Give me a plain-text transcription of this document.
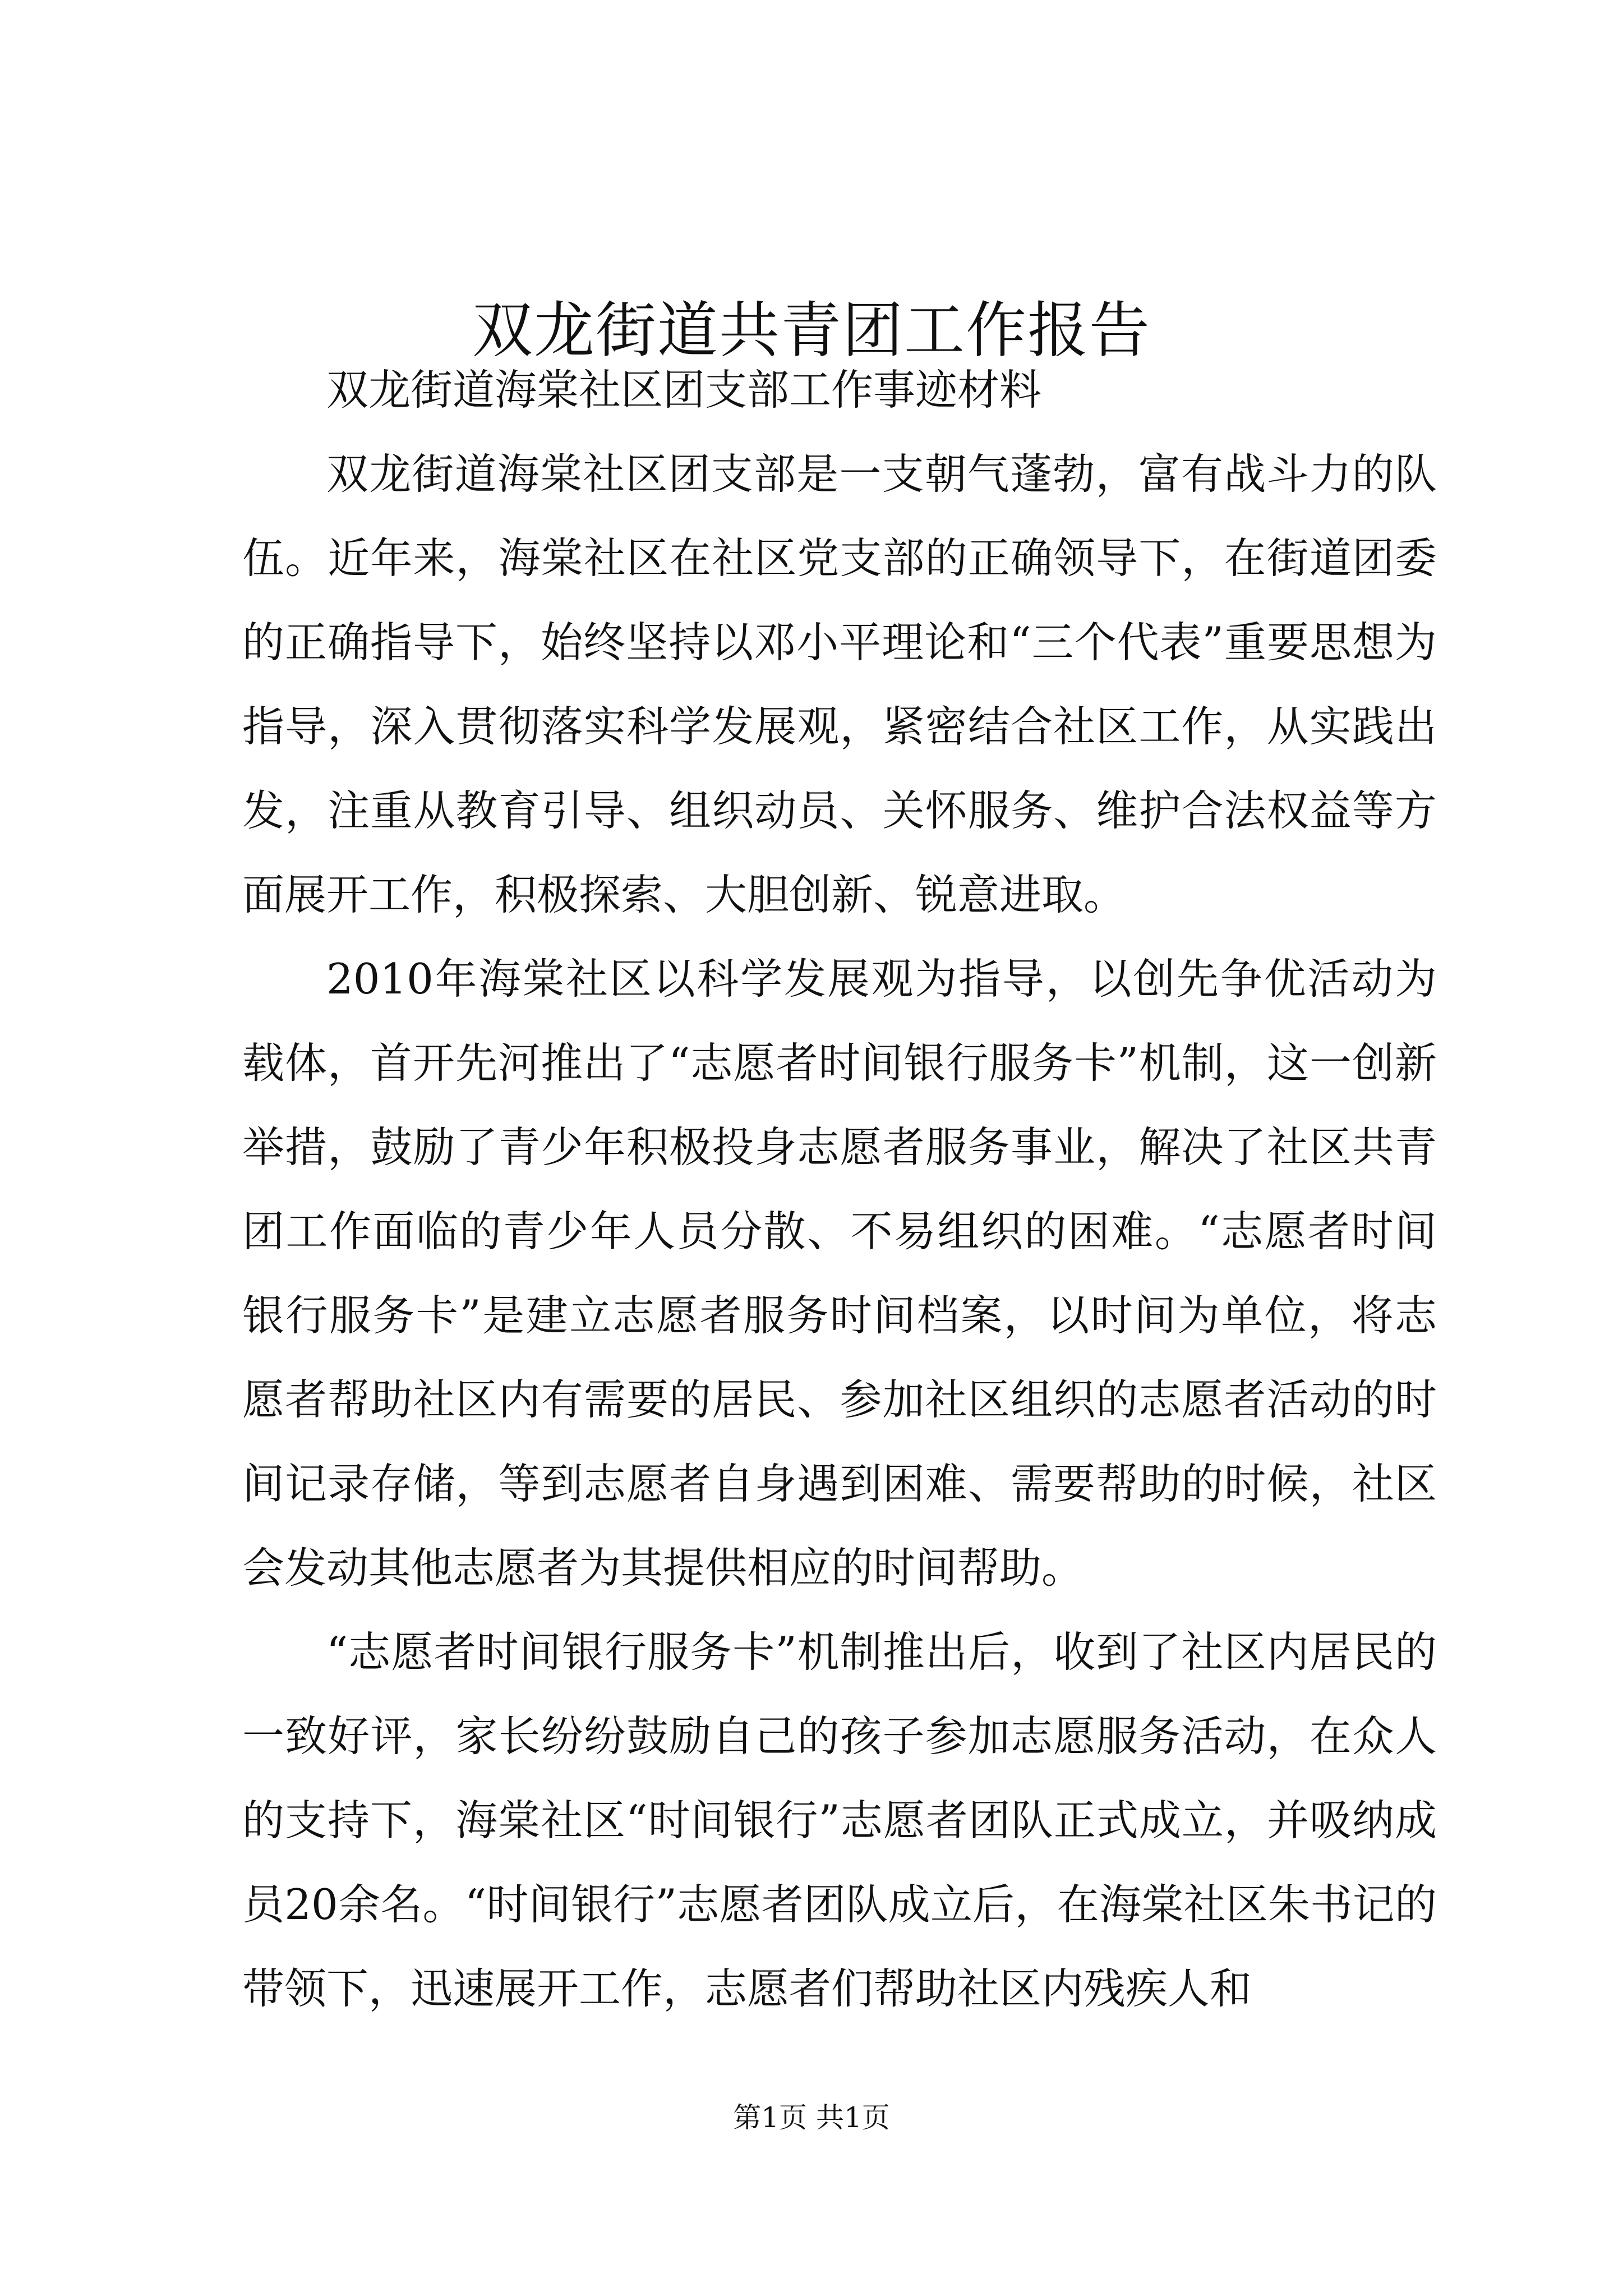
双龙街道共青团工作报告

双龙街道海棠社区团支部工作事迹材料

双龙街道海棠社区团支部是一支朝气蓬勃，富有战斗力的队伍。近年来，海棠社区在社区党支部的正确领导下，在街道团委的正确指导下，始终坚持以邓小平理论和“三个代表”重要思想为指导，深入贯彻落实科学发展观，紧密结合社区工作，从实践出发，注重从教育引导、组织动员、关怀服务、维护合法权益等方面展开工作，积极探索、大胆创新、锐意进取。

2010年海棠社区以科学发展观为指导，以创先争优活动为载体，首开先河推出了“志愿者时间银行服务卡”机制，这一创新举措，鼓励了青少年积极投身志愿者服务事业，解决了社区共青团工作面临的青少年人员分散、不易组织的困难。“志愿者时间银行服务卡”是建立志愿者服务时间档案，以时间为单位，将志愿者帮助社区内有需要的居民、参加社区组织的志愿者活动的时间记录存储，等到志愿者自身遇到困难、需要帮助的时候，社区会发动其他志愿者为其提供相应的时间帮助。

“志愿者时间银行服务卡”机制推出后，收到了社区内居民的一致好评，家长纷纷鼓励自己的孩子参加志愿服务活动，在众人的支持下，海棠社区“时间银行”志愿者团队正式成立，并吸纳成员20余名。“时间银行”志愿者团队成立后，在海棠社区朱书记的带领下，迅速展开工作，志愿者们帮助社区内残疾人和

第1页 共1页
